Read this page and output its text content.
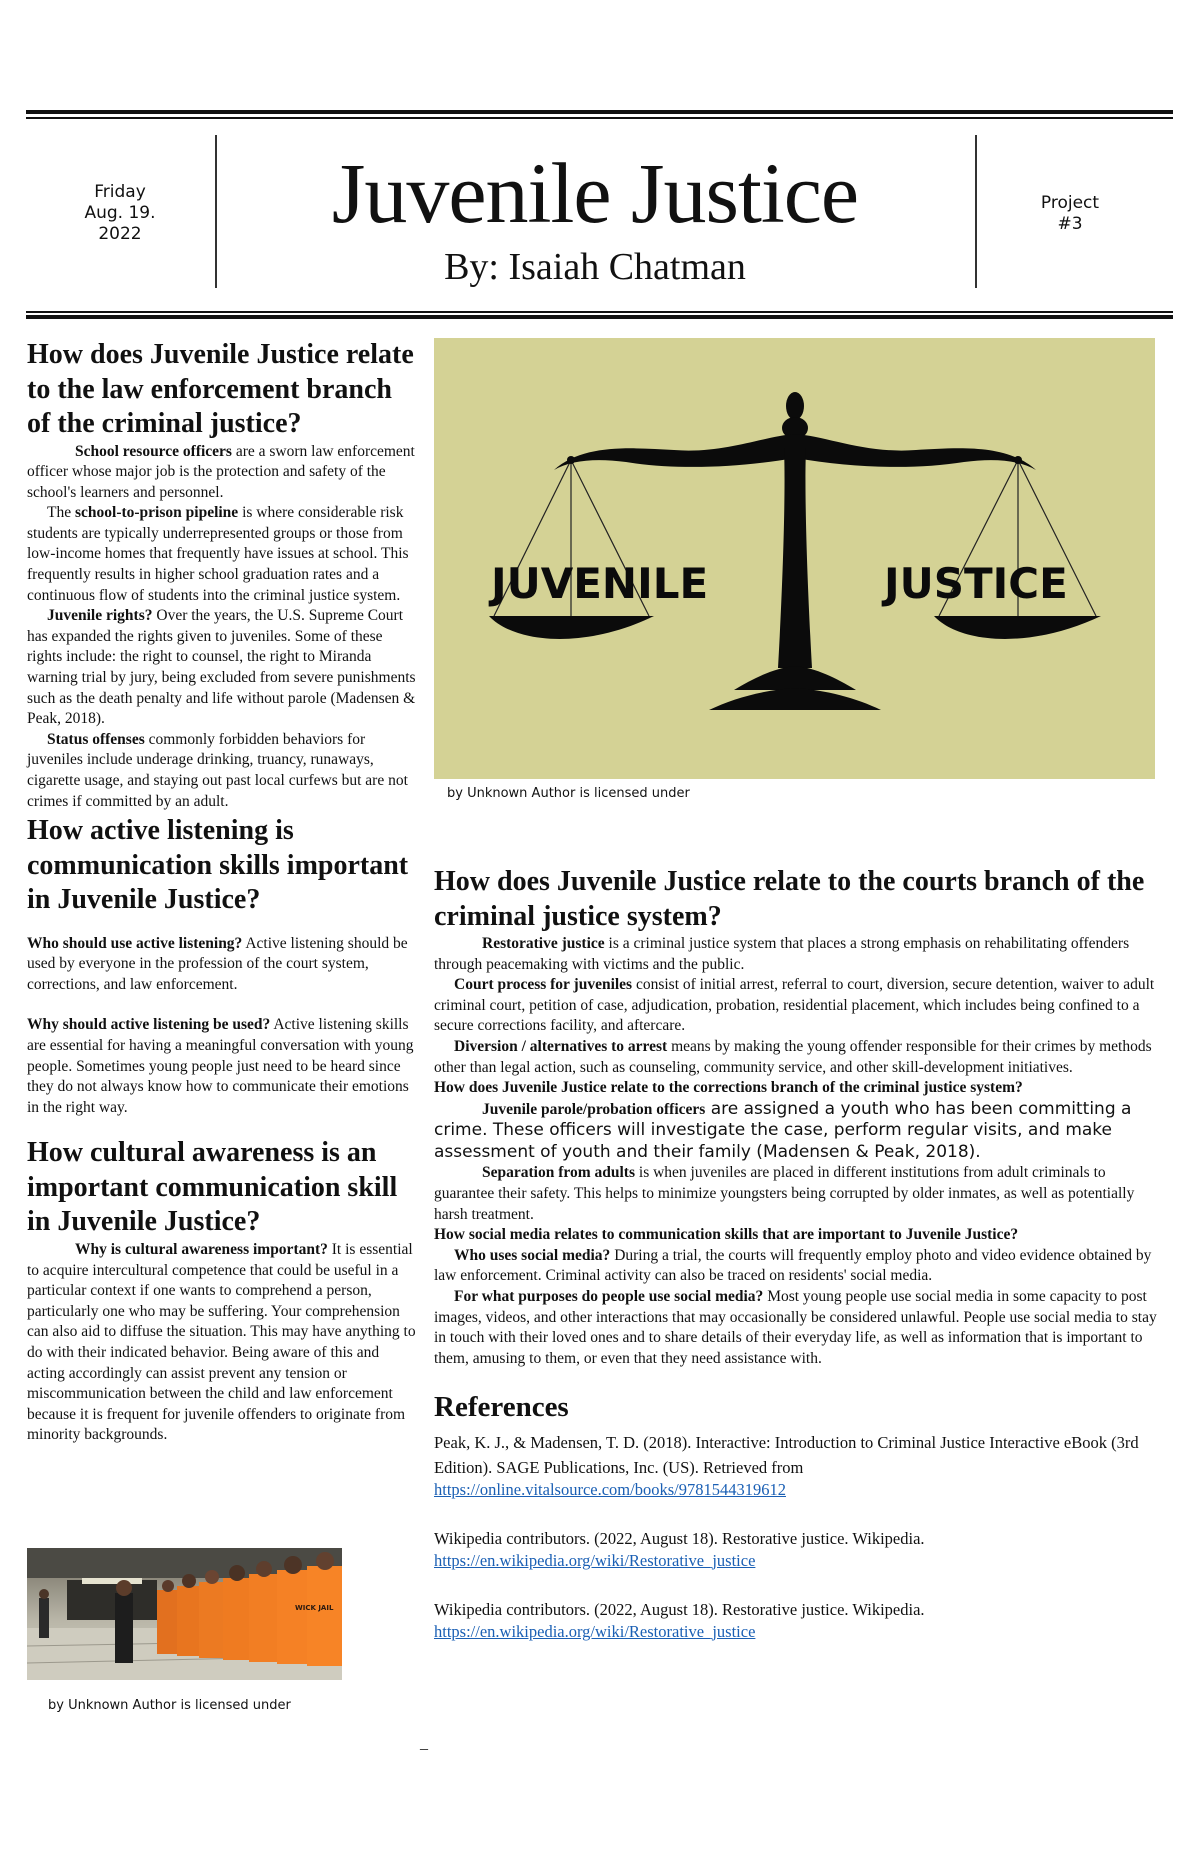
Friday
Aug. 19.
2022	Juvenile Justice
By: Isaiah Chatman
Project
#3
How does Juvenile Justice relate to the law enforcement branch of the criminal justice?

School resource officers are a sworn law enforcement officer whose major job is the protection and safety of the school's learners and personnel.

The school-to-prison pipeline is where considerable risk students are typically underrepresented groups or those from low-income homes that frequently have issues at school. This frequently results in higher school graduation rates and a continuous flow of students into the criminal justice system.

Juvenile rights? Over the years, the U.S. Supreme Court has expanded the rights given to juveniles. Some of these rights include: the right to counsel, the right to Miranda warning trial by jury, being excluded from severe punishments such as the death penalty and life without parole (Madensen & Peak, 2018).

Status offenses commonly forbidden behaviors for juveniles include underage drinking, truancy, runaways, cigarette usage, and staying out past local curfews but are not crimes if committed by an adult.

How active listening is communication skills important in Juvenile Justice?

Who should use active listening? Active listening should be used by everyone in the profession of the court system, corrections, and law enforcement.

Why should active listening be used? Active listening skills are essential for having a meaningful conversation with young people. Sometimes young people just need to be heard since they do not always know how to communicate their emotions in the right way.

How cultural awareness is an important communication skill in Juvenile Justice?

Why is cultural awareness important? It is essential to acquire intercultural competence that could be useful in a particular context if one wants to comprehend a person, particularly one who may be suffering. Your comprehension can also aid to diffuse the situation. This may have anything to do with their indicated behavior. Being aware of this and acting accordingly can assist prevent any tension or miscommunication between the child and law enforcement because it is frequent for juvenile offenders to originate from minority backgrounds.

WICK JAIL
by Unknown Author is licensed under
JUVENILE	JUSTICE
by Unknown Author is licensed under
How does Juvenile Justice relate to the courts branch of the criminal justice system?

Restorative justice is a criminal justice system that places a strong emphasis on rehabilitating offenders through peacemaking with victims and the public.

Court process for juveniles consist of initial arrest, referral to court, diversion, secure detention, waiver to adult criminal court, petition of case, adjudication, probation, residential placement, which includes being confined to a secure corrections facility, and aftercare.

Diversion / alternatives to arrest means by making the young offender responsible for their crimes by methods other than legal action, such as counseling, community service, and other skill-development initiatives.

How does Juvenile Justice relate to the corrections branch of the criminal justice system?

Juvenile parole/probation officers are assigned a youth who has been committing a crime. These officers will investigate the case, perform regular visits, and make assessment of youth and their family (Madensen & Peak, 2018).

Separation from adults is when juveniles are placed in different institutions from adult criminals to guarantee their safety. This helps to minimize youngsters being corrupted by older inmates, as well as potentially harsh treatment.

How social media relates to communication skills that are important to Juvenile Justice?

Who uses social media? During a trial, the courts will frequently employ photo and video evidence obtained by law enforcement. Criminal activity can also be traced on residents' social media.

For what purposes do people use social media? Most young people use social media in some capacity to post images, videos, and other interactions that may occasionally be considered unlawful. People use social media to stay in touch with their loved ones and to share details of their everyday life, as well as information that is important to them, amusing to them, or even that they need assistance with.

References

Peak, K. J., & Madensen, T. D. (2018). Interactive: Introduction to Criminal Justice Interactive eBook (3rd Edition). SAGE Publications, Inc. (US). Retrieved from

https://online.vitalsource.com/books/9781544319612

Wikipedia contributors. (2022, August 18). Restorative justice. Wikipedia.

https://en.wikipedia.org/wiki/Restorative_justice

Wikipedia contributors. (2022, August 18). Restorative justice. Wikipedia.

https://en.wikipedia.org/wiki/Restorative_justice
_
